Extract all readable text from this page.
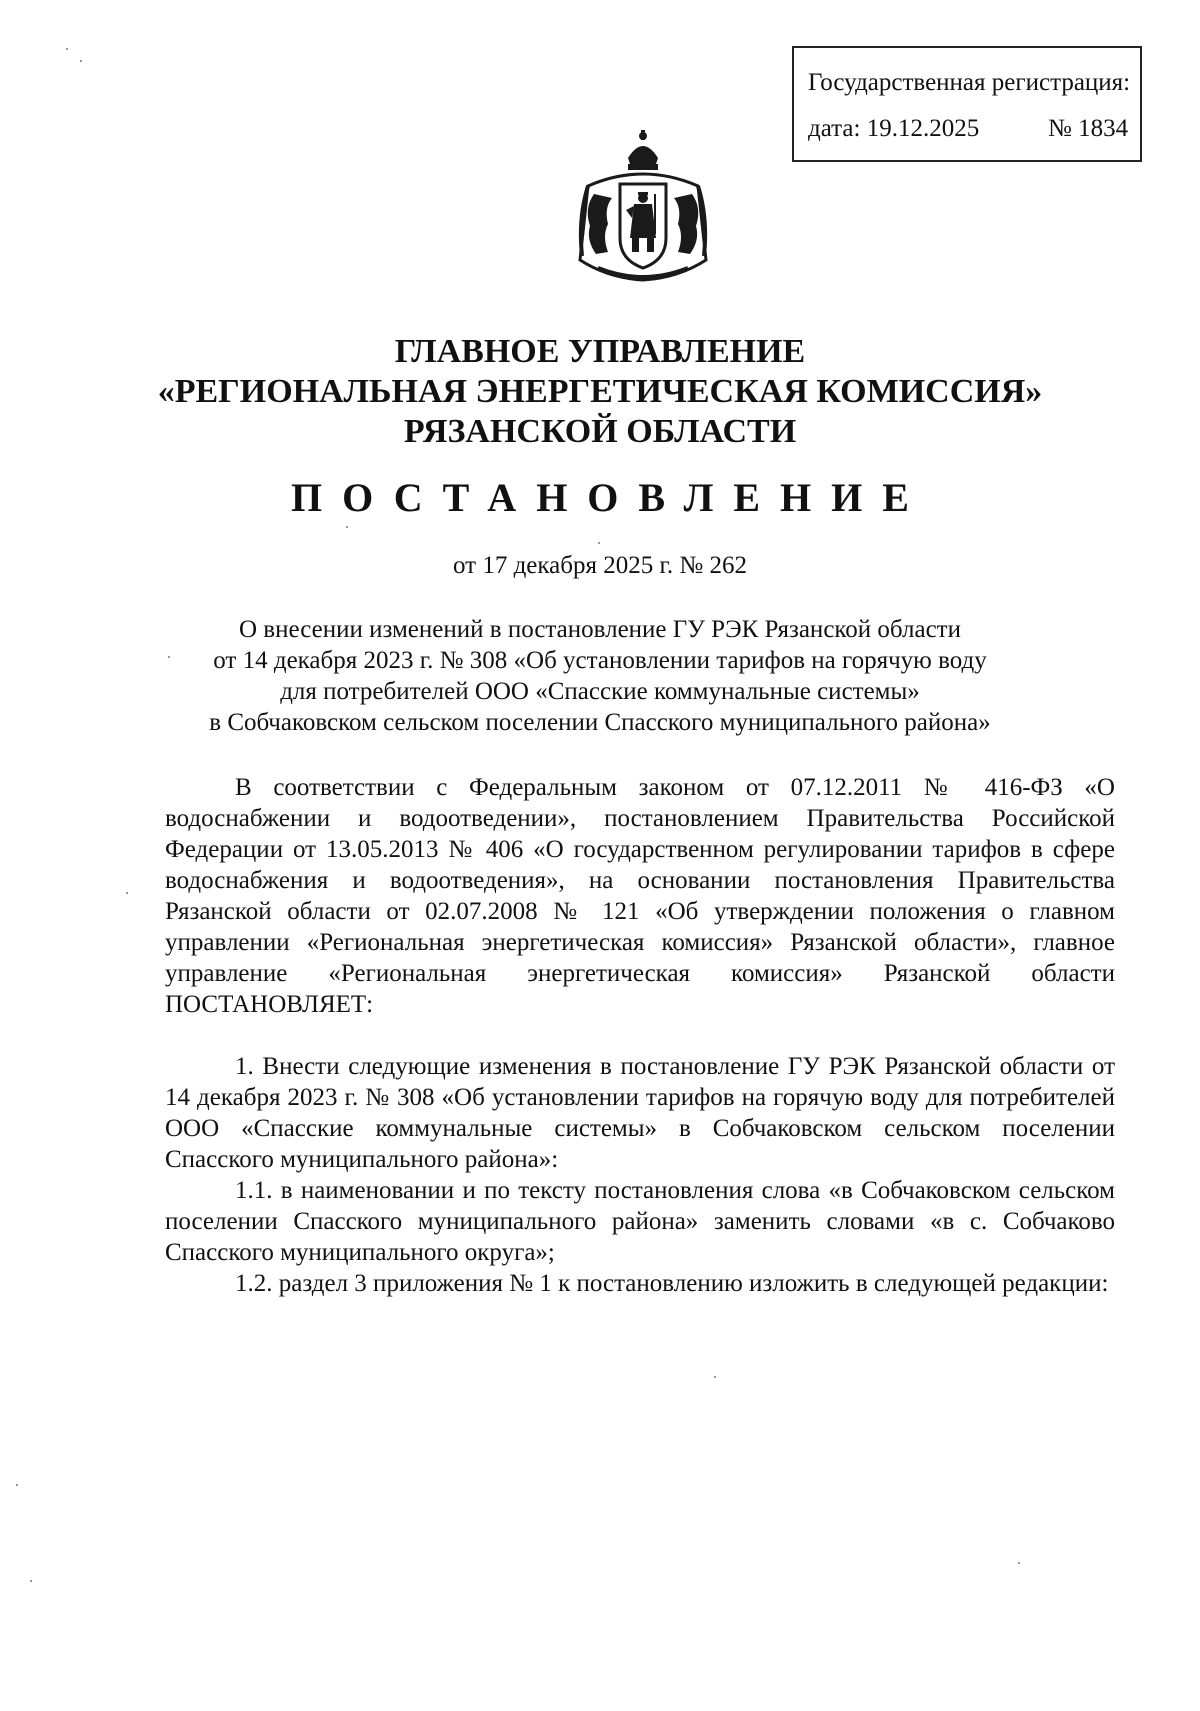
Государственная регистрация:
дата: 19.12.2025	№ 1834
ГЛАВНОЕ УПРАВЛЕНИЕ
«РЕГИОНАЛЬНАЯ ЭНЕРГЕТИЧЕСКАЯ КОМИССИЯ»
РЯЗАНСКОЙ ОБЛАСТИ
ПОСТАНОВЛЕНИЕ
от 17 декабря 2025 г. № 262
О внесении изменений в постановление ГУ РЭК Рязанской области
от 14 декабря 2023 г. № 308 «Об установлении тарифов на горячую воду
для потребителей ООО «Спасские коммунальные системы»
в Собчаковском сельском поселении Спасского муниципального района»
В соответствии с Федеральным законом от 07.12.2011 № 416-ФЗ «О водоснабжении и водоотведении», постановлением Правительства Российской Федерации от 13.05.2013 № 406 «О государственном регулировании тарифов в сфере водоснабжения и водоотведения», на основании постановления Правительства Рязанской области от 02.07.2008 № 121 «Об утверждении положения о главном управлении «Региональная энергетическая комиссия» Рязанской области», главное управление «Региональная энергетическая комиссия» Рязанской области ПОСТАНОВЛЯЕТ:
1. Внести следующие изменения в постановление ГУ РЭК Рязанской области от 14 декабря 2023 г. № 308 «Об установлении тарифов на горячую воду для потребителей ООО «Спасские коммунальные системы» в Собчаковском сельском поселении Спасского муниципального района»:
1.1. в наименовании и по тексту постановления слова «в Собчаковском сельском поселении Спасского муниципального района» заменить словами «в с. Собчаково Спасского муниципального округа»;
1.2. раздел 3 приложения № 1 к постановлению изложить в следующей редакции:
